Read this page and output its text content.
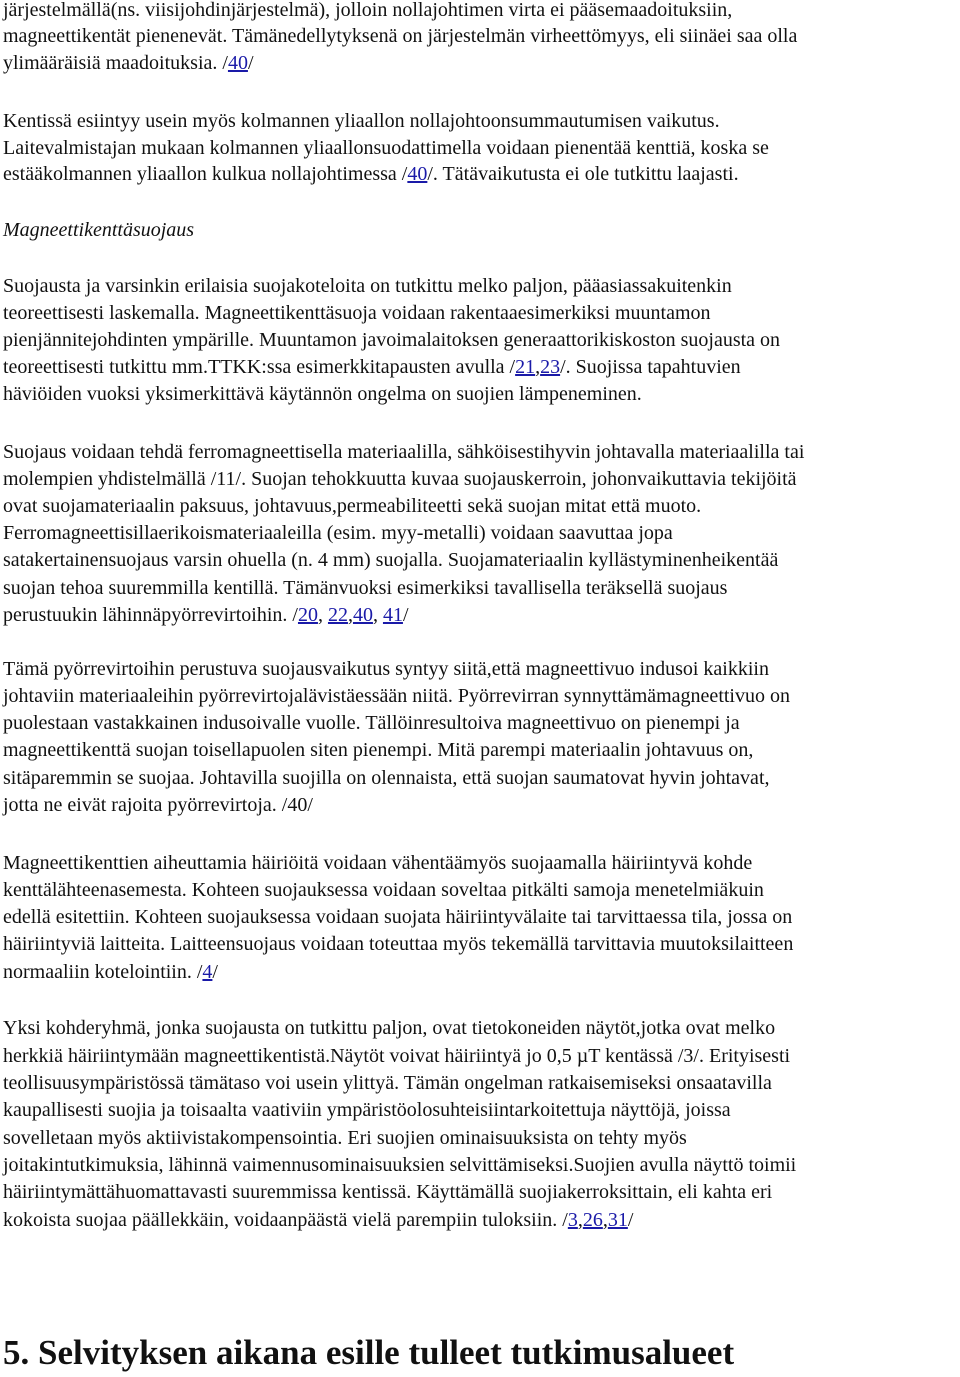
järjestelmällä(ns. viisijohdinjärjestelmä), jolloin nollajohtimen virta ei pääsemaadoituksiin,
magneettikentät pienenevät. Tämänedellytyksenä on järjestelmän virheettömyys, eli siinäei saa olla
ylimääräisiä maadoituksia. /40/
Kentissä esiintyy usein myös kolmannen yliaallon nollajohtoonsummautumisen vaikutus.
Laitevalmistajan mukaan kolmannen yliaallonsuodattimella voidaan pienentää kenttiä, koska se
estääkolmannen yliaallon kulkua nollajohtimessa /40/. Tätävaikutusta ei ole tutkittu laajasti.
Magneettikenttäsuojaus
Suojausta ja varsinkin erilaisia suojakoteloita on tutkittu melko paljon, pääasiassakuitenkin
teoreettisesti laskemalla. Magneettikenttäsuoja voidaan rakentaaesimerkiksi muuntamon
pienjännitejohdinten ympärille. Muuntamon javoimalaitoksen generaattorikiskoston suojausta on
teoreettisesti tutkittu mm.TTKK:ssa esimerkkitapausten avulla /21,23/. Suojissa tapahtuvien
häviöiden vuoksi yksimerkittävä käytännön ongelma on suojien lämpeneminen.
Suojaus voidaan tehdä ferromagneettisella materiaalilla, sähköisestihyvin johtavalla materiaalilla tai
molempien yhdistelmällä /11/. Suojan tehokkuutta kuvaa suojauskerroin, johonvaikuttavia tekijöitä
ovat suojamateriaalin paksuus, johtavuus,permeabiliteetti sekä suojan mitat että muoto.
Ferromagneettisillaerikoismateriaaleilla (esim. myy-metalli) voidaan saavuttaa jopa
satakertainensuojaus varsin ohuella (n. 4 mm) suojalla. Suojamateriaalin kyllästyminenheikentää
suojan tehoa suuremmilla kentillä. Tämänvuoksi esimerkiksi tavallisella teräksellä suojaus
perustuukin lähinnäpyörrevirtoihin. /20, 22,40, 41/
Tämä pyörrevirtoihin perustuva suojausvaikutus syntyy siitä,että magneettivuo indusoi kaikkiin
johtaviin materiaaleihin pyörrevirtojalävistäessään niitä. Pyörrevirran synnyttämämagneettivuo on
puolestaan vastakkainen indusoivalle vuolle. Tällöinresultoiva magneettivuo on pienempi ja
magneettikenttä suojan toisellapuolen siten pienempi. Mitä parempi materiaalin johtavuus on,
sitäparemmin se suojaa. Johtavilla suojilla on olennaista, että suojan saumatovat hyvin johtavat,
jotta ne eivät rajoita pyörrevirtoja. /40/
Magneettikenttien aiheuttamia häiriöitä voidaan vähentäämyös suojaamalla häiriintyvä kohde
kenttälähteenasemesta. Kohteen suojauksessa voidaan soveltaa pitkälti samoja menetelmiäkuin
edellä esitettiin. Kohteen suojauksessa voidaan suojata häiriintyvälaite tai tarvittaessa tila, jossa on
häiriintyviä laitteita. Laitteensuojaus voidaan toteuttaa myös tekemällä tarvittavia muutoksilaitteen
normaaliin kotelointiin. /4/
Yksi kohderyhmä, jonka suojausta on tutkittu paljon, ovat tietokoneiden näytöt,jotka ovat melko
herkkiä häiriintymään magneettikentistä.Näytöt voivat häiriintyä jo 0,5 µT kentässä /3/. Erityisesti
teollisuusympäristössä tämätaso voi usein ylittyä. Tämän ongelman ratkaisemiseksi onsaatavilla
kaupallisesti suojia ja toisaalta vaativiin ympäristöolosuhteisiintarkoitettuja näyttöjä, joissa
sovelletaan myös aktiivistakompensointia. Eri suojien ominaisuuksista on tehty myös
joitakintutkimuksia, lähinnä vaimennusominaisuuksien selvittämiseksi.Suojien avulla näyttö toimii
häiriintymättähuomattavasti suuremmissa kentissä. Käyttämällä suojiakerroksittain, eli kahta eri
kokoista suojaa päällekkäin, voidaanpäästä vielä parempiin tuloksiin. /3,26,31/
5. Selvityksen aikana esille tulleet tutkimusalueet
